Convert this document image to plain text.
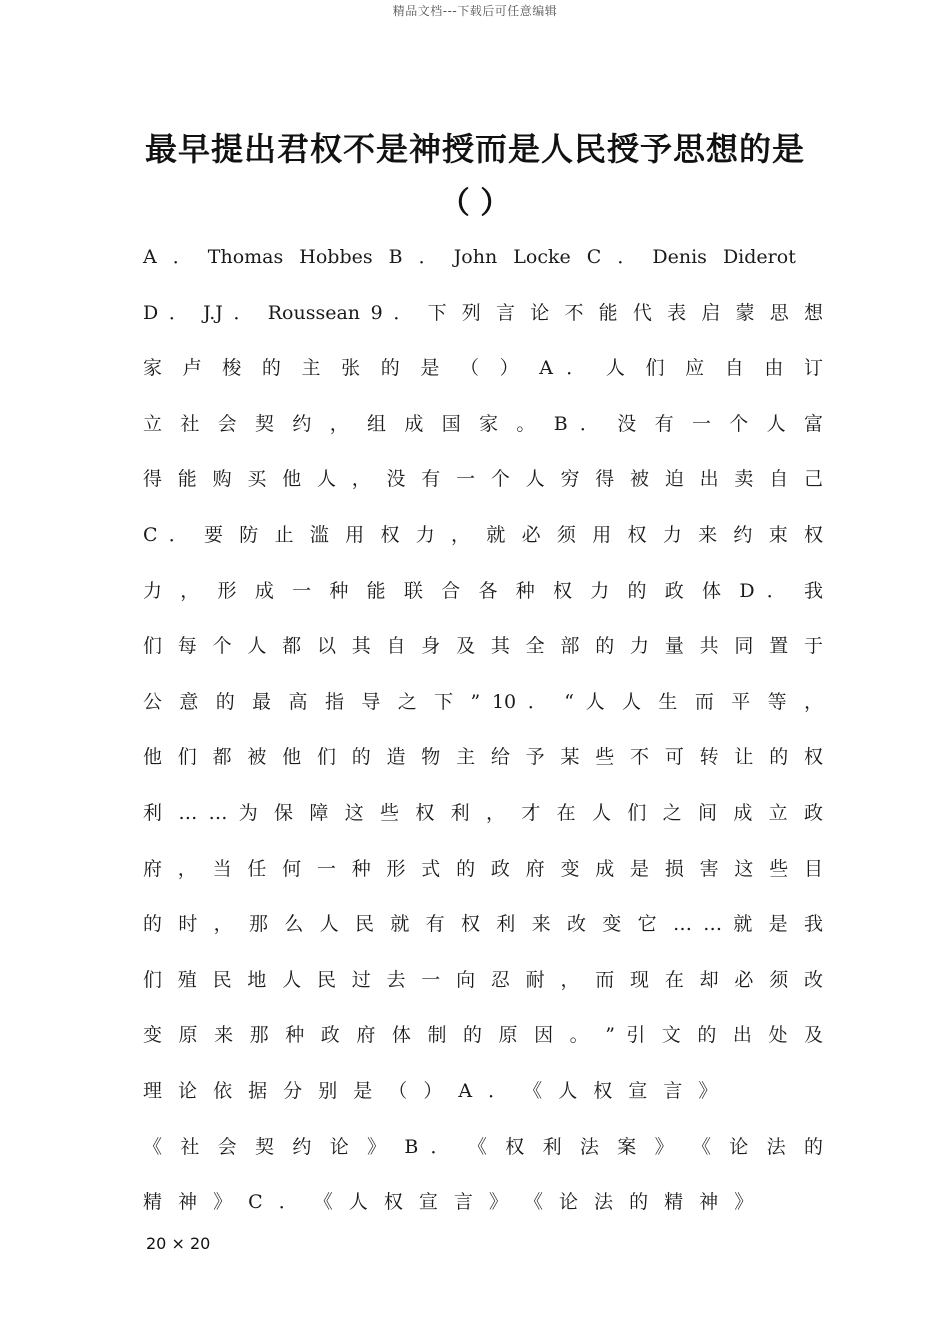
精品文档---下载后可任意编辑
最早提出君权不是神授而是人民授予思想的是
（ ）
A ． Thomas Hobbes B ． John Locke C ． Denis Diderot
D ． J.J ． Roussean 9 ． 下 列 言 论 不 能 代 表 启 蒙 思 想
家 卢 梭 的 主 张 的 是 （ ） A ． 人 们 应 自 由 订
立 社 会 契 约 ， 组 成 国 家 。 B ． 没 有 一 个 人 富
得 能 购 买 他 人 ， 没 有 一 个 人 穷 得 被 迫 出 卖 自 己
C ． 要 防 止 滥 用 权 力 ， 就 必 须 用 权 力 来 约 束 权
力 ， 形 成 一 种 能 联 合 各 种 权 力 的 政 体 D ． 我
们 每 个 人 都 以 其 自 身 及 其 全 部 的 力 量 共 同 置 于
公 意 的 最 高 指 导 之 下 ” 10 ． “ 人 人 生 而 平 等 ，
他 们 都 被 他 们 的 造 物 主 给 予 某 些 不 可 转 让 的 权
利 … … 为 保 障 这 些 权 利 ， 才 在 人 们 之 间 成 立 政
府 ， 当 任 何 一 种 形 式 的 政 府 变 成 是 损 害 这 些 目
的 时 ， 那 么 人 民 就 有 权 利 来 改 变 它 … … 就 是 我
们 殖 民 地 人 民 过 去 一 向 忍 耐 ， 而 现 在 却 必 须 改
变 原 来 那 种 政 府 体 制 的 原 因 。 ” 引 文 的 出 处 及
理 论 依 据 分 别 是 （ ） A ． 《 人 权 宣 言 》
《 社 会 契 约 论 》 B ． 《 权 利 法 案 》 《 论 法 的
精 神 》 C ． 《 人 权 宣 言 》 《 论 法 的 精 神 》
20 × 20
